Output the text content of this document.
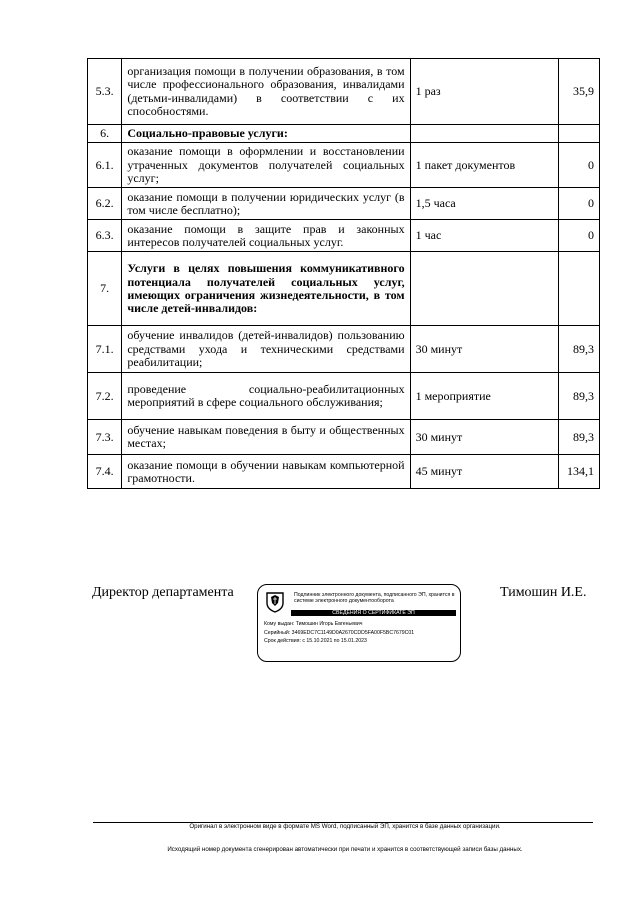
5.3.	организация помощи в получении образования, в том числе профессионального образования, инвалидами (детьми-инвалидами) в соответствии с их способностями.	1 раз	35,9
6.	Социально-правовые услуги:		
6.1.	оказание помощи в оформлении и восстановлении утраченных документов получателей социальных услуг;	1 пакет документов	0
6.2.	оказание помощи в получении юридических услуг (в том числе бесплатно);	1,5 часа	0
6.3.	оказание помощи в защите прав и законных интересов получателей социальных услуг.	1 час	0
7.	Услуги в целях повышения коммуникативного потенциала получателей социальных услуг, имеющих ограничения жизнедеятельности, в том числе детей-инвалидов:		
7.1.	обучение инвалидов (детей-инвалидов) пользованию средствами ухода и техническими средствами реабилитации;	30 минут	89,3
7.2.	проведение социально-реабилитационных мероприятий в сфере социального обслуживания;	1 мероприятие	89,3
7.3.	обучение навыкам поведения в быту и общественных местах;	30 минут	89,3
7.4.	оказание помощи в обучении навыкам компьютерной грамотности.	45 минут	134,1
Директор департамента	Подлинник электронного документа, подписанного ЭП, хранится в системе электронного документооборота
СВЕДЕНИЯ О СЕРТИФИКАТЕ ЭП
Кому выдан: Тимошин Игорь Евгеньевич
Серийный: 3469EDC7C1149D0A2670CDD5FA00F5BC7679C01
Срок действия: с 15.10.2021 по 15.01.2023
Тимошин И.Е.
Оригинал в электронном виде в формате MS Word, подписанный ЭП, хранится в базе данных организации.
Исходящий номер документа сгенерирован автоматически при печати и хранится в соответствующей записи базы данных.
